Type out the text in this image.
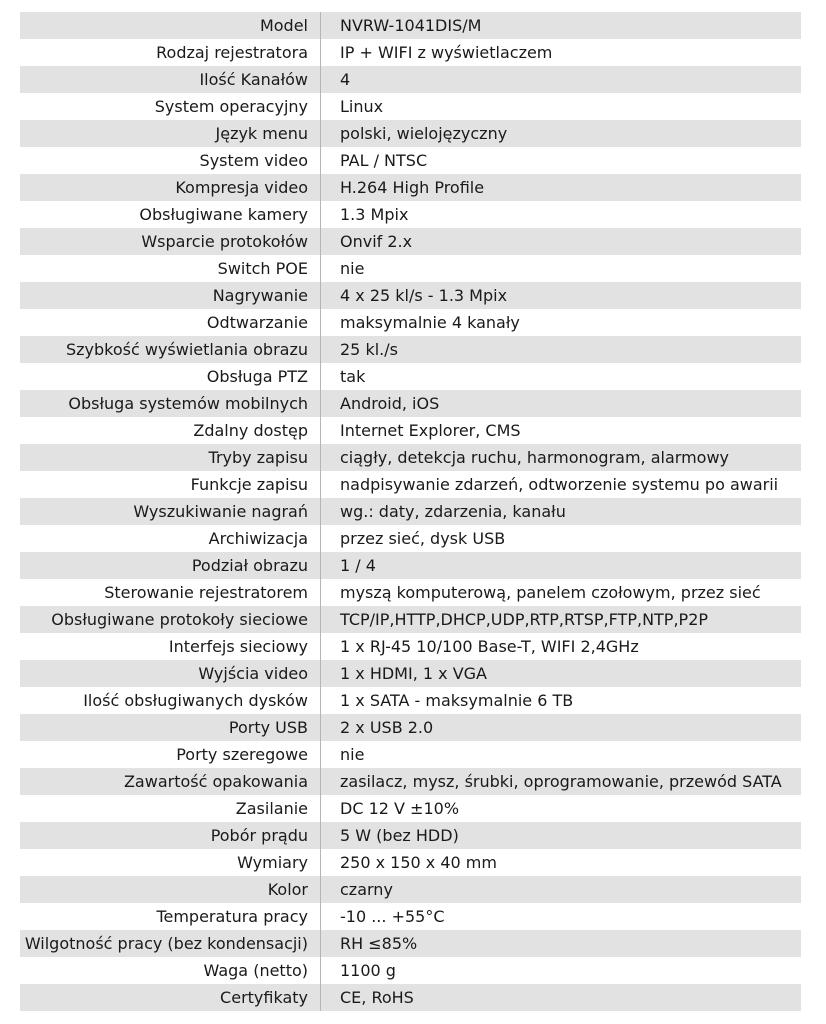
Model	NVRW-1041DIS/M
Rodzaj rejestratora	IP + WIFI z wyświetlaczem
Ilość Kanałów	4
System operacyjny	Linux
Język menu	polski, wielojęzyczny
System video	PAL / NTSC
Kompresja video	H.264 High Profile
Obsługiwane kamery	1.3 Mpix
Wsparcie protokołów	Onvif 2.x
Switch POE	nie
Nagrywanie	4 x 25 kl/s - 1.3 Mpix
Odtwarzanie	maksymalnie 4 kanały
Szybkość wyświetlania obrazu	25 kl./s
Obsługa PTZ	tak
Obsługa systemów mobilnych	Android, iOS
Zdalny dostęp	Internet Explorer, CMS
Tryby zapisu	ciągły, detekcja ruchu, harmonogram, alarmowy
Funkcje zapisu	nadpisywanie zdarzeń, odtworzenie systemu po awarii
Wyszukiwanie nagrań	wg.: daty, zdarzenia, kanału
Archiwizacja	przez sieć, dysk USB
Podział obrazu	1 / 4
Sterowanie rejestratorem	myszą komputerową, panelem czołowym, przez sieć
Obsługiwane protokoły sieciowe	TCP/IP,HTTP,DHCP,UDP,RTP,RTSP,FTP,NTP,P2P
Interfejs sieciowy	1 x RJ-45 10/100 Base-T, WIFI 2,4GHz
Wyjścia video	1 x HDMI, 1 x VGA
Ilość obsługiwanych dysków	1 x SATA - maksymalnie 6 TB
Porty USB	2 x USB 2.0
Porty szeregowe	nie
Zawartość opakowania	zasilacz, mysz, śrubki, oprogramowanie, przewód SATA
Zasilanie	DC 12 V ±10%
Pobór prądu	5 W (bez HDD)
Wymiary	250 x 150 x 40 mm
Kolor	czarny
Temperatura pracy	-10 ... +55°C
Wilgotność pracy (bez kondensacji)	RH ≤85%
Waga (netto)	1100 g
Certyfikaty	CE, RoHS
